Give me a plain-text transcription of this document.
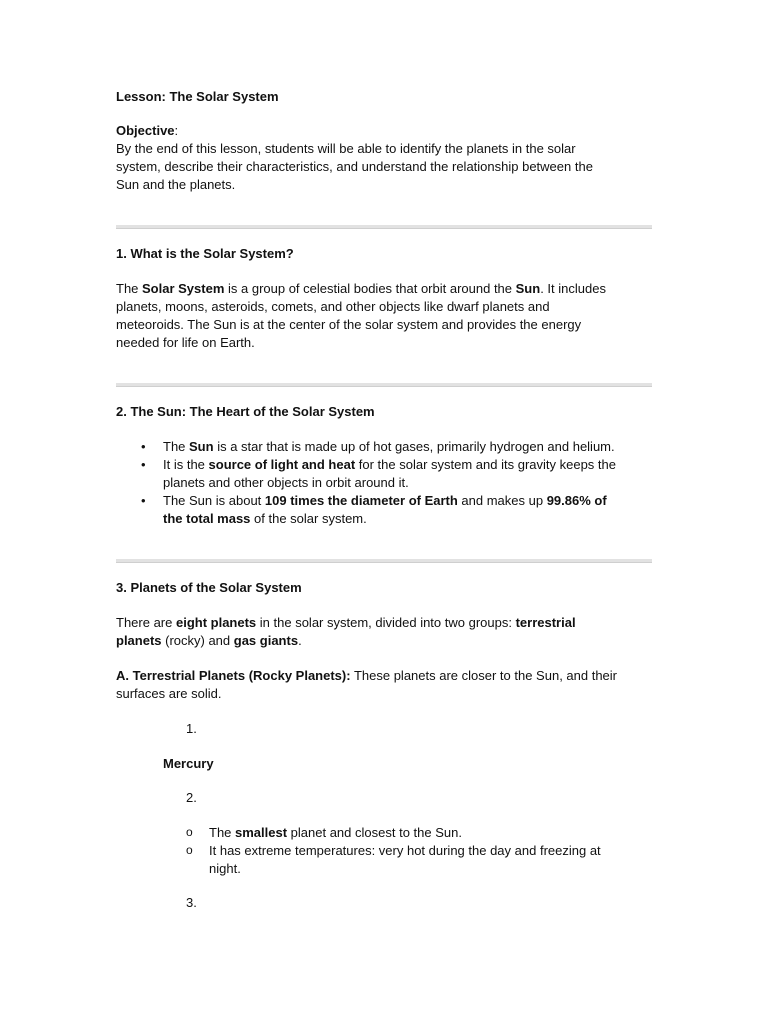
Lesson: The Solar System
Objective:
By the end of this lesson, students will be able to identify the planets in the solar
system, describe their characteristics, and understand the relationship between the
Sun and the planets.
1. What is the Solar System?
The Solar System is a group of celestial bodies that orbit around the Sun. It includes
planets, moons, asteroids, comets, and other objects like dwarf planets and
meteoroids. The Sun is at the center of the solar system and provides the energy
needed for life on Earth.
2. The Sun: The Heart of the Solar System
• The Sun is a star that is made up of hot gases, primarily hydrogen and helium.
• It is the source of light and heat for the solar system and its gravity keeps the
planets and other objects in orbit around it.
• The Sun is about 109 times the diameter of Earth and makes up 99.86% of
the total mass of the solar system.
3. Planets of the Solar System
There are eight planets in the solar system, divided into two groups: terrestrial
planets (rocky) and gas giants.
A. Terrestrial Planets (Rocky Planets): These planets are closer to the Sun, and their
surfaces are solid.
1.
Mercury
2.
o The smallest planet and closest to the Sun.
o It has extreme temperatures: very hot during the day and freezing at
night.
3.
